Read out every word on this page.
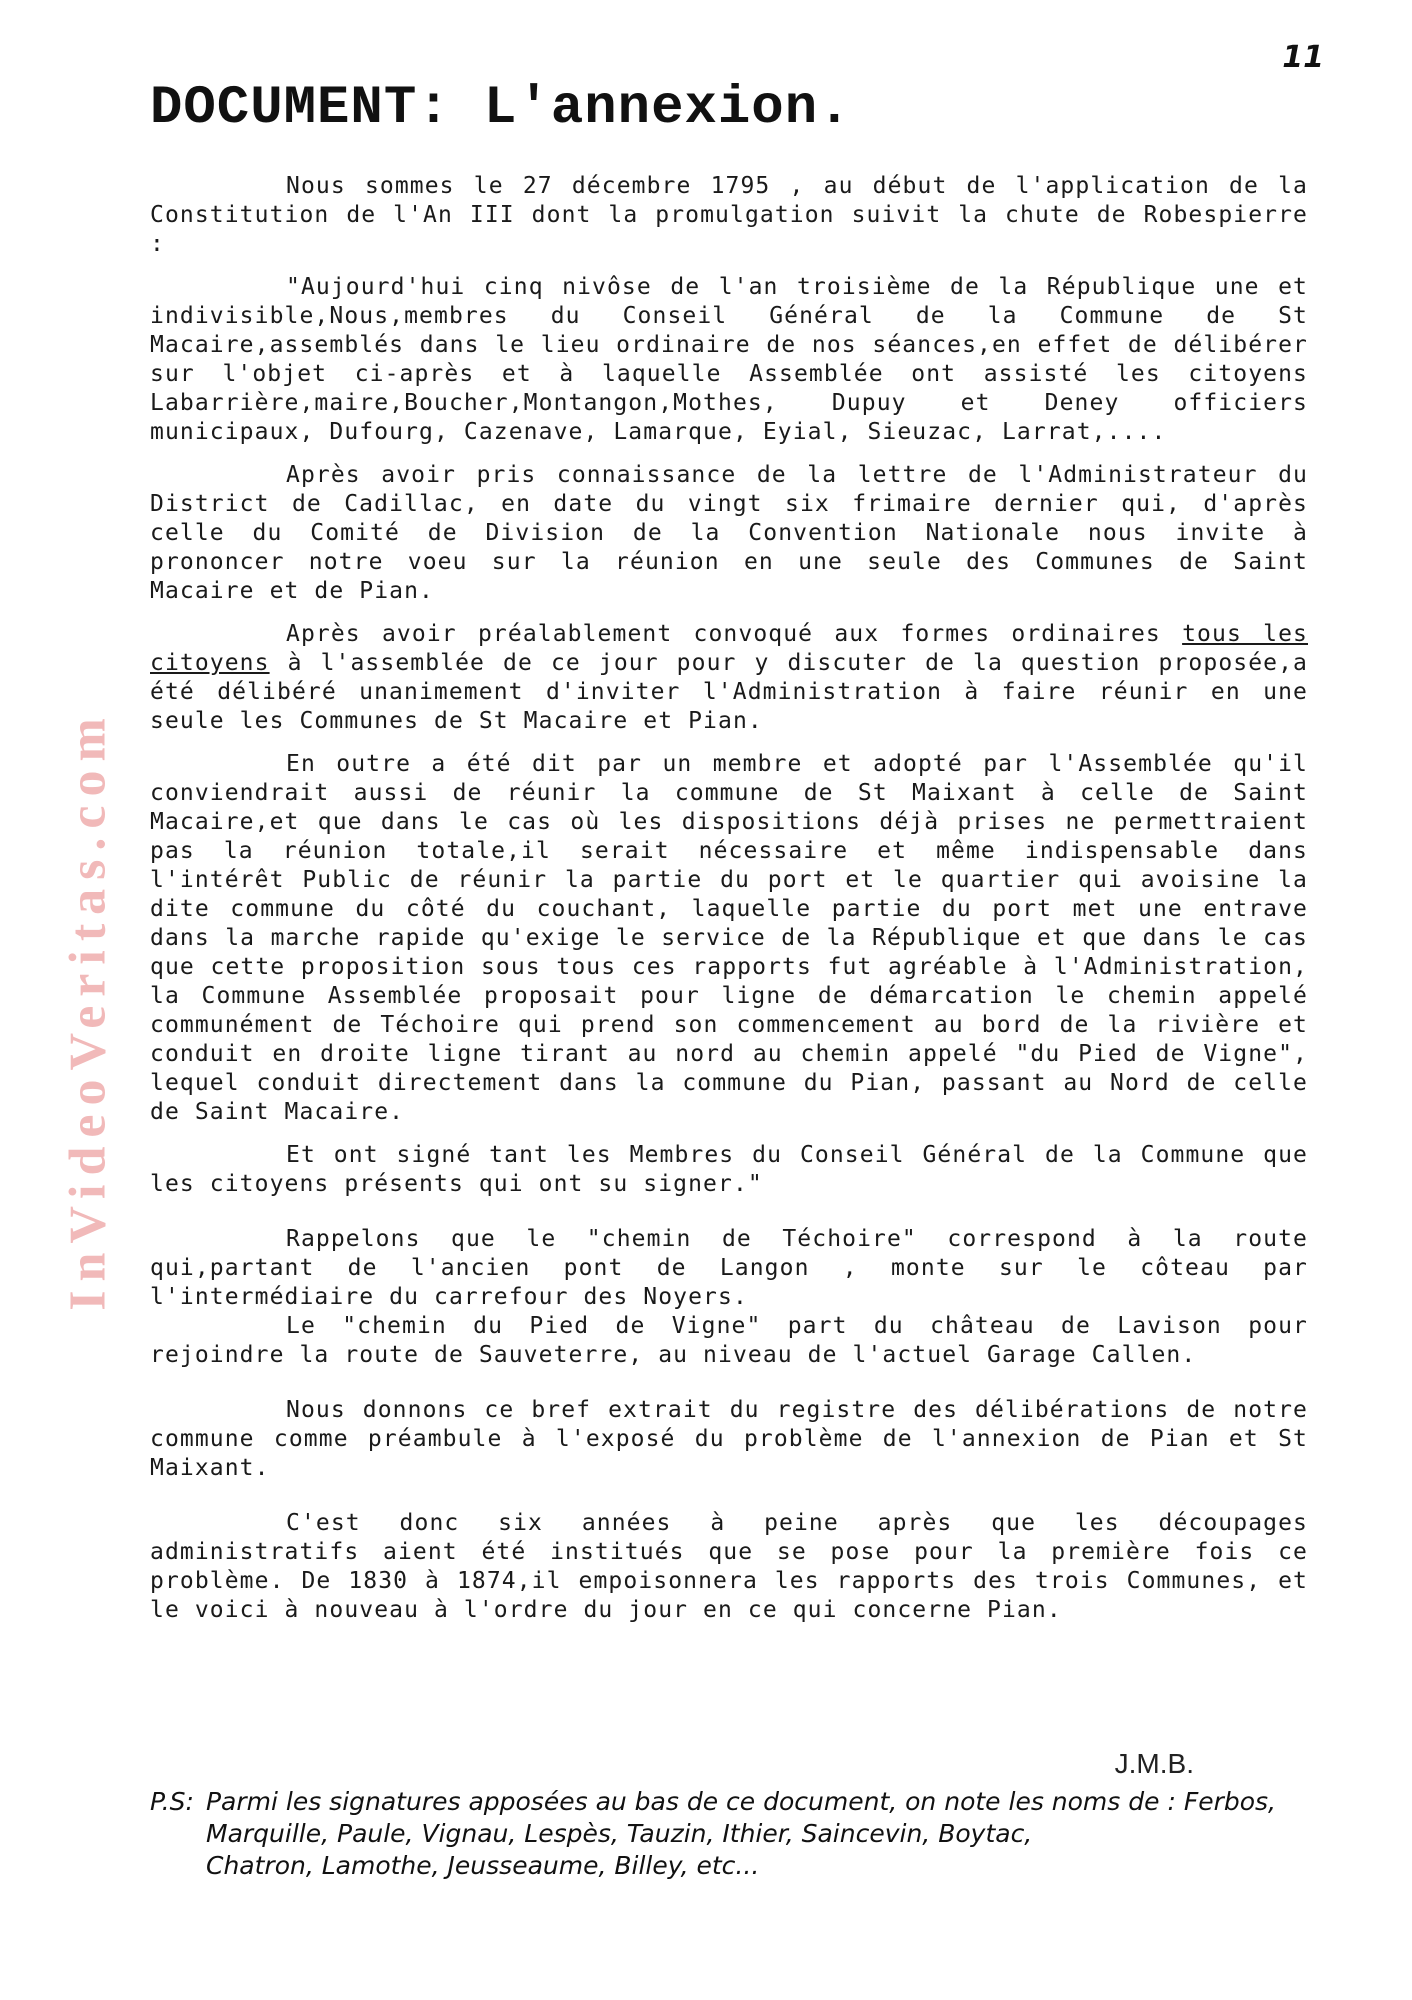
11
InVideoVeritas.com
DOCUMENT: L'annexion.

Nous sommes le 27 décembre 1795 , au début de l'application de la Constitution de l'An III dont la promulgation suivit la chute de Robespierre :

"Aujourd'hui cinq nivôse de l'an troisième de la République une et indivisible,Nous,membres du Conseil Général de la Commune de St Macaire,assemblés dans le lieu ordinaire de nos séances,en effet de délibérer sur l'objet ci-après et à laquelle Assemblée ont assisté les citoyens Labarrière,maire,Boucher,Montangon,Mothes, Dupuy et Deney officiers municipaux, Dufourg, Cazenave, Lamarque, Eyial, Sieuzac, Larrat,....

Après avoir pris connaissance de la lettre de l'Administrateur du District de Cadillac, en date du vingt six frimaire dernier qui, d'après celle du Comité de Division de la Convention Nationale nous invite à prononcer notre voeu sur la réunion en une seule des Communes de Saint Macaire et de Pian.

Après avoir préalablement convoqué aux formes ordinaires tous les citoyens à l'assemblée de ce jour pour y discuter de la question proposée,a été délibéré unanimement d'inviter l'Administration à faire réunir en une seule les Communes de St Macaire et Pian.

En outre a été dit par un membre et adopté par l'Assemblée qu'il conviendrait aussi de réunir la commune de St Maixant à celle de Saint Macaire,et que dans le cas où les dispositions déjà prises ne permettraient pas la réunion totale,il serait nécessaire et même indispensable dans l'intérêt Public de réunir la partie du port et le quartier qui avoisine la dite commune du côté du couchant, laquelle partie du port met une entrave dans la marche rapide qu'exige le service de la République et que dans le cas que cette proposition sous tous ces rapports fut agréable à l'Administration, la Commune Assemblée proposait pour ligne de démarcation le chemin appelé communément de Téchoire qui prend son commencement au bord de la rivière et conduit en droite ligne tirant au nord au chemin appelé "du Pied de Vigne", lequel conduit directement dans la commune du Pian, passant au Nord de celle de Saint Macaire.

Et ont signé tant les Membres du Conseil Général de la Commune que les citoyens présents qui ont su signer."

Rappelons que le "chemin de Téchoire" correspond à la route qui,partant de l'ancien pont de Langon , monte sur le côteau par l'intermédiaire du carrefour des Noyers.

Le "chemin du Pied de Vigne" part du château de Lavison pour rejoindre la route de Sauveterre, au niveau de l'actuel Garage Callen.

Nous donnons ce bref extrait du registre des délibérations de notre commune comme préambule à l'exposé du problème de l'annexion de Pian et St Maixant.

C'est donc six années à peine après que les découpages administratifs aient été institués que se pose pour la première fois ce problème. De 1830 à 1874,il empoisonnera les rapports des trois Communes, et le voici à nouveau à l'ordre du jour en ce qui concerne Pian.

J.M.B.
P.S: Parmi les signatures apposées au bas de ce document, on note les noms de : Ferbos,
Marquille, Paule, Vignau, Lespès, Tauzin, Ithier, Saincevin, Boytac,
Chatron, Lamothe, Jeusseaume, Billey, etc...
